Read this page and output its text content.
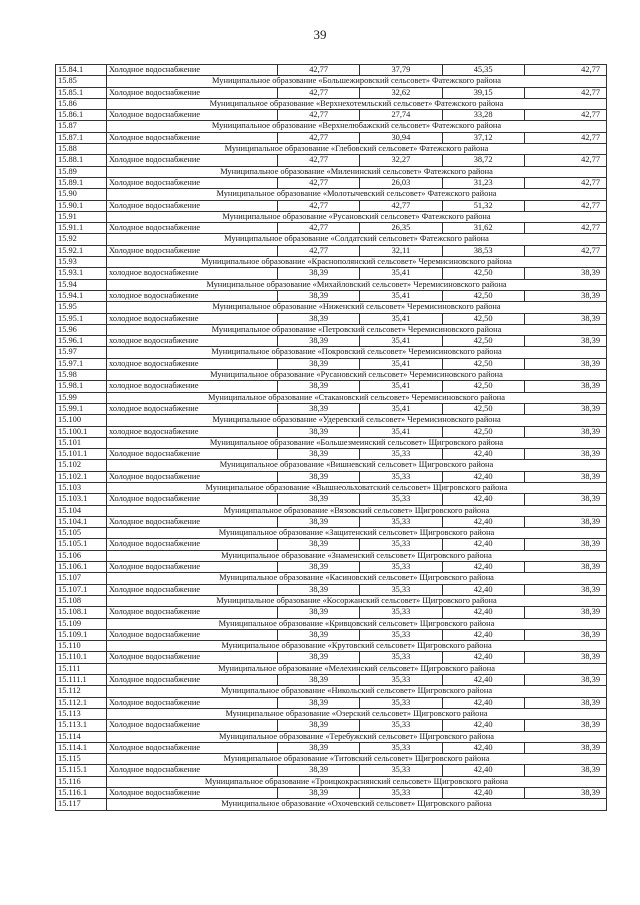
39
15.84.1	Холодное водоснабжение	42,77	37,79	45,35	42,77
15.85	Муниципальное образование «Большежировский сельсовет» Фатежского района				
15.85.1	Холодное водоснабжение	42,77	32,62	39,15	42,77
15.86	Муниципальное образование «Верхнехотемльский сельсовет» Фатежского района				
15.86.1	Холодное водоснабжение	42,77	27,74	33,28	42,77
15.87	Муниципальное образование «Верхнелюбажский сельсовет» Фатежского района				
15.87.1	Холодное водоснабжение	42,77	30,94	37,12	42,77
15.88	Муниципальное образование «Глебовский сельсовет» Фатежского района				
15.88.1	Холодное водоснабжение	42,77	32,27	38,72	42,77
15.89	Муниципальное образование «Миленинский сельсовет» Фатежского района				
15.89.1	Холодное водоснабжение	42,77	26,03	31,23	42,77
15.90	Муниципальное образование «Молотычевский сельсовет» Фатежского района				
15.90.1	Холодное водоснабжение	42,77	42,77	51,32	42,77
15.91	Муниципальное образование «Русановский сельсовет» Фатежского района				
15.91.1	Холодное водоснабжение	42,77	26,35	31,62	42,77
15.92	Муниципальное образование «Солдатский сельсовет» Фатежского района				
15.92.1	Холодное водоснабжение	42,77	32,11	38,53	42,77
15.93	Муниципальное образование «Краснополянский сельсовет» Черемисиновского района				
15.93.1	холодное водоснабжение	38,39	35,41	42,50	38,39
15.94	Муниципальное образование «Михайловский сельсовет» Черемисиновского района				
15.94.1	холодное водоснабжение	38,39	35,41	42,50	38,39
15.95	Муниципальное образование «Ниженский сельсовет» Черемисиновского района				
15.95.1	холодное водоснабжение	38,39	35,41	42,50	38,39
15.96	Муниципальное образование «Петровский сельсовет» Черемисиновского района				
15.96.1	холодное водоснабжение	38,39	35,41	42,50	38,39
15.97	Муниципальное образование «Покровский сельсовет» Черемисиновского района				
15.97.1	холодное водоснабжение	38,39	35,41	42,50	38,39
15.98	Муниципальное образование «Русановский сельсовет» Черемисиновского района				
15.98.1	холодное водоснабжение	38,39	35,41	42,50	38,39
15.99	Муниципальное образование «Стакановский сельсовет» Черемисиновского района				
15.99.1	холодное водоснабжение	38,39	35,41	42,50	38,39
15.100	Муниципальное образование «Удеревский сельсовет» Черемисиновского района				
15.100.1	холодное водоснабжение	38,39	35,41	42,50	38,39
15.101	Муниципальное образование «Большезмеинский сельсовет» Щигровского района				
15.101.1	Холодное водоснабжение	38,39	35,33	42,40	38,39
15.102	Муниципальное образование «Вишневский сельсовет» Щигровского района				
15.102.1	Холодное водоснабжение	38,39	35,33	42,40	38,39
15.103	Муниципальное образование «Вышнеольховатский сельсовет» Щигровского района				
15.103.1	Холодное водоснабжение	38,39	35,33	42,40	38,39
15.104	Муниципальное образование «Вязовский сельсовет» Щигровского района				
15.104.1	Холодное водоснабжение	38,39	35,33	42,40	38,39
15.105	Муниципальное образование «Защитенский сельсовет» Щигровского района				
15.105.1	Холодное водоснабжение	38,39	35,33	42,40	38,39
15.106	Муниципальное образование «Знаменский сельсовет» Щигровского района				
15.106.1	Холодное водоснабжение	38,39	35,33	42,40	38,39
15.107	Муниципальное образование «Касиновский сельсовет» Щигровского района				
15.107.1	Холодное водоснабжение	38,39	35,33	42,40	38,39
15.108	Муниципальное образование «Косоржанский сельсовет» Щигровского района				
15.108.1	Холодное водоснабжение	38,39	35,33	42,40	38,39
15.109	Муниципальное образование «Кривцовский сельсовет» Щигровского района				
15.109.1	Холодное водоснабжение	38,39	35,33	42,40	38,39
15.110	Муниципальное образование «Крутовский сельсовет» Щигровского района				
15.110.1	Холодное водоснабжение	38,39	35,33	42,40	38,39
15.111	Муниципальное образование «Мелехинский сельсовет» Щигровского района				
15.111.1	Холодное водоснабжение	38,39	35,33	42,40	38,39
15.112	Муниципальное образование «Никольский сельсовет» Щигровского района				
15.112.1	Холодное водоснабжение	38,39	35,33	42,40	38,39
15.113	Муниципальное образование «Озерский сельсовет» Щигровского района				
15.113.1	Холодное водоснабжение	38,39	35,33	42,40	38,39
15.114	Муниципальное образование «Теребужский сельсовет» Щигровского района				
15.114.1	Холодное водоснабжение	38,39	35,33	42,40	38,39
15.115	Муниципальное образование «Титовский сельсовет» Щигровского района				
15.115.1	Холодное водоснабжение	38,39	35,33	42,40	38,39
15.116	Муниципальное образование «Троицкокраснянский сельсовет» Щигровского района				
15.116.1	Холодное водоснабжение	38,39	35,33	42,40	38,39
15.117	Муниципальное образование «Охочевский сельсовет» Щигровского района				
